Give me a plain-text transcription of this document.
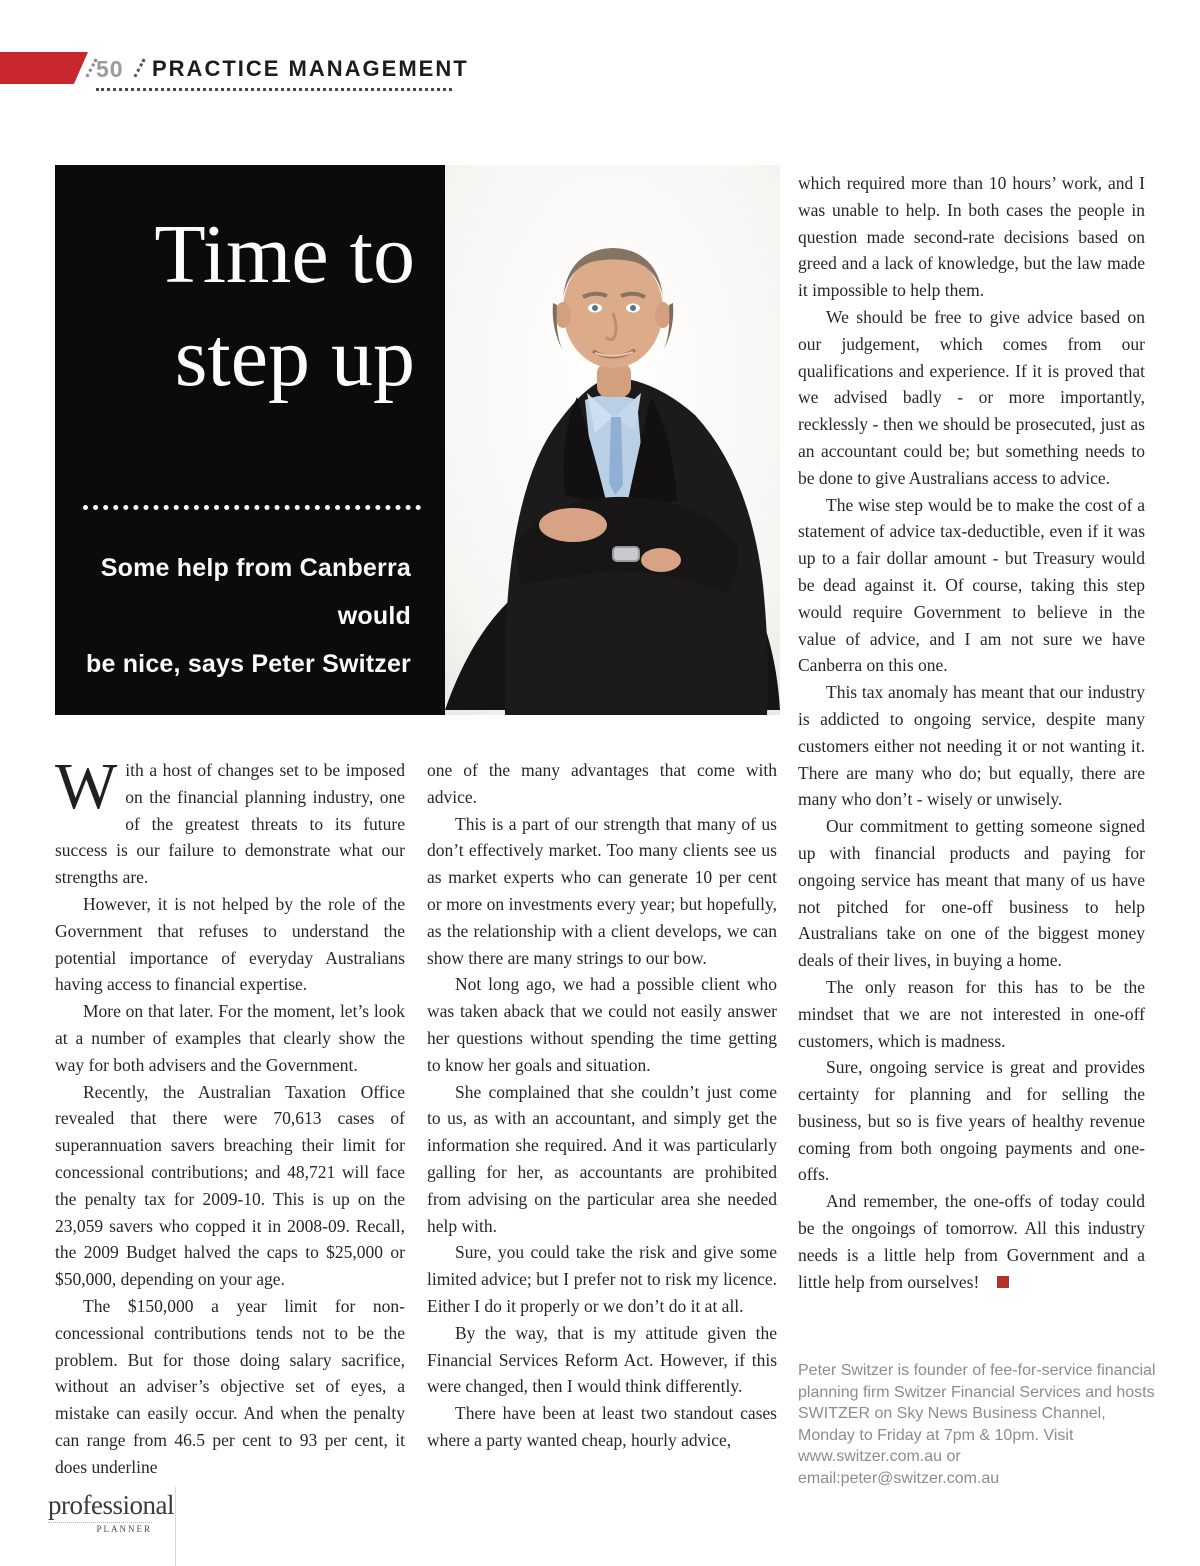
50 PRACTICE MANAGEMENT
Time to
step up
Some help from Canberra would
be nice, says Peter Switzer

With a host of changes set to be imposed on the financial planning industry, one of the greatest threats to its future success is our failure to demonstrate what our strengths are.

However, it is not helped by the role of the Government that refuses to understand the potential importance of everyday Australians having access to financial expertise.

More on that later. For the moment, let’s look at a number of examples that clearly show the way for both advisers and the Government.

Recently, the Australian Taxation Office revealed that there were 70,613 cases of superannuation savers breaching their limit for concessional contributions; and 48,721 will face the penalty tax for 2009-10. This is up on the 23,059 savers who copped it in 2008-09. Recall, the 2009 Budget halved the caps to $25,000 or $50,000, depending on your age.

The $150,000 a year limit for non-concessional contributions tends not to be the problem. But for those doing salary sacrifice, without an adviser’s objective set of eyes, a mistake can easily occur. And when the penalty can range from 46.5 per cent to 93 per cent, it does underline

one of the many advantages that come with advice.

This is a part of our strength that many of us don’t effectively market. Too many clients see us as market experts who can generate 10 per cent or more on investments every year; but hopefully, as the relationship with a client develops, we can show there are many strings to our bow.

Not long ago, we had a possible client who was taken aback that we could not easily answer her questions without spending the time getting to know her goals and situation.

She complained that she couldn’t just come to us, as with an accountant, and simply get the information she required. And it was particularly galling for her, as accountants are prohibited from advising on the particular area she needed help with.

Sure, you could take the risk and give some limited advice; but I prefer not to risk my licence. Either I do it properly or we don’t do it at all.

By the way, that is my attitude given the Financial Services Reform Act. However, if this were changed, then I would think differently.

There have been at least two standout cases where a party wanted cheap, hourly advice,

which required more than 10 hours’ work, and I was unable to help. In both cases the people in question made second-rate decisions based on greed and a lack of knowledge, but the law made it impossible to help them.

We should be free to give advice based on our judgement, which comes from our qualifications and experience. If it is proved that we advised badly - or more importantly, recklessly - then we should be prosecuted, just as an accountant could be; but something needs to be done to give Australians access to advice.

The wise step would be to make the cost of a statement of advice tax-deductible, even if it was up to a fair dollar amount - but Treasury would be dead against it. Of course, taking this step would require Government to believe in the value of advice, and I am not sure we have Canberra on this one.

This tax anomaly has meant that our industry is addicted to ongoing service, despite many customers either not needing it or not wanting it. There are many who do; but equally, there are many who don’t - wisely or unwisely.

Our commitment to getting someone signed up with financial products and paying for ongoing service has meant that many of us have not pitched for one-off business to help Australians take on one of the biggest money deals of their lives, in buying a home.

The only reason for this has to be the mindset that we are not interested in one-off customers, which is madness.

Sure, ongoing service is great and provides certainty for planning and for selling the business, but so is five years of healthy revenue coming from both ongoing payments and one-offs.

And remember, the one-offs of today could be the ongoings of tomorrow. All this industry needs is a little help from Government and a little help from ourselves!

Peter Switzer is founder of fee-for-service financial planning firm Switzer Financial Services and hosts SWITZER on Sky News Business Channel, Monday to Friday at 7pm & 10pm. Visit www.switzer.com.au or email:peter@switzer.com.au
professional
PLANNER
